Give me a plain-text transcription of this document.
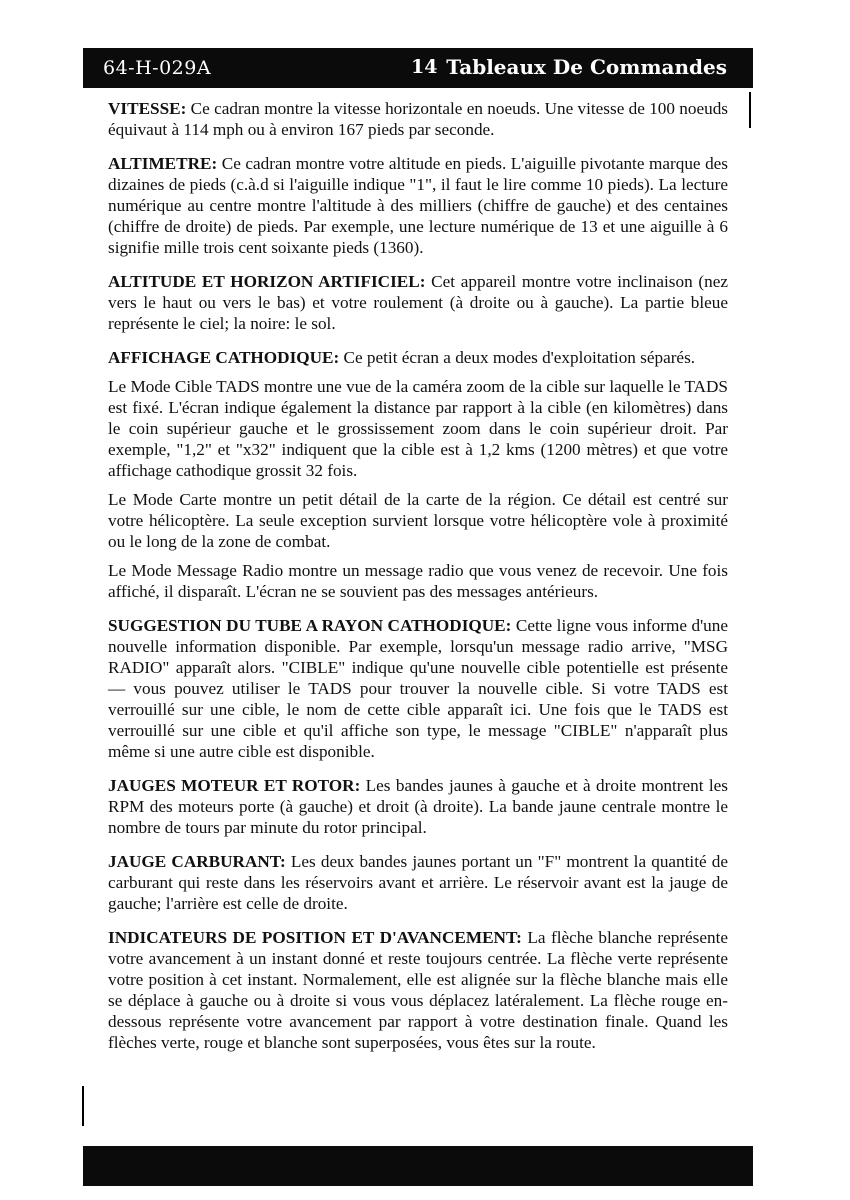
64-H-029A	14 Tableaux De Commandes

VITESSE: Ce cadran montre la vitesse horizontale en noeuds. Une vitesse de 100 noeuds équivaut à 114 mph ou à environ 167 pieds par seconde.

ALTIMETRE: Ce cadran montre votre altitude en pieds. L'aiguille pivotante marque des dizaines de pieds (c.à.d si l'aiguille indique "1", il faut le lire comme 10 pieds). La lecture numérique au centre montre l'altitude à des milliers (chiffre de gauche) et des centaines (chiffre de droite) de pieds. Par exemple, une lecture numérique de 13 et une aiguille à 6 signifie mille trois cent soixante pieds (1360).

ALTITUDE ET HORIZON ARTIFICIEL: Cet appareil montre votre inclinaison (nez vers le haut ou vers le bas) et votre roulement (à droite ou à gauche). La partie bleue représente le ciel; la noire: le sol.

AFFICHAGE CATHODIQUE: Ce petit écran a deux modes d'exploitation séparés.

Le Mode Cible TADS montre une vue de la caméra zoom de la cible sur laquelle le TADS est fixé. L'écran indique également la distance par rapport à la cible (en kilomètres) dans le coin supérieur gauche et le grossissement zoom dans le coin supérieur droit. Par exemple, "1,2" et "x32" indiquent que la cible est à 1,2 kms (1200 mètres) et que votre affichage cathodique grossit 32 fois.

Le Mode Carte montre un petit détail de la carte de la région. Ce détail est centré sur votre hélicoptère. La seule exception survient lorsque votre hélicoptère vole à proximité ou le long de la zone de combat.

Le Mode Message Radio montre un message radio que vous venez de recevoir. Une fois affiché, il disparaît. L'écran ne se souvient pas des messages antérieurs.

SUGGESTION DU TUBE A RAYON CATHODIQUE: Cette ligne vous informe d'une nouvelle information disponible. Par exemple, lorsqu'un message radio arrive, "MSG RADIO" apparaît alors. "CIBLE" indique qu'une nouvelle cible potentielle est présente — vous pouvez utiliser le TADS pour trouver la nouvelle cible. Si votre TADS est verrouillé sur une cible, le nom de cette cible apparaît ici. Une fois que le TADS est verrouillé sur une cible et qu'il affiche son type, le message "CIBLE" n'apparaît plus même si une autre cible est disponible.

JAUGES MOTEUR ET ROTOR: Les bandes jaunes à gauche et à droite montrent les RPM des moteurs porte (à gauche) et droit (à droite). La bande jaune centrale montre le nombre de tours par minute du rotor principal.

JAUGE CARBURANT: Les deux bandes jaunes portant un "F" montrent la quantité de carburant qui reste dans les réservoirs avant et arrière. Le réservoir avant est la jauge de gauche; l'arrière est celle de droite.

INDICATEURS DE POSITION ET D'AVANCEMENT: La flèche blanche représente votre avancement à un instant donné et reste toujours centrée. La flèche verte représente votre position à cet instant. Normalement, elle est alignée sur la flèche blanche mais elle se déplace à gauche ou à droite si vous vous déplacez latéralement. La flèche rouge en-dessous représente votre avancement par rapport à votre destination finale. Quand les flèches verte, rouge et blanche sont superposées, vous êtes sur la route.
